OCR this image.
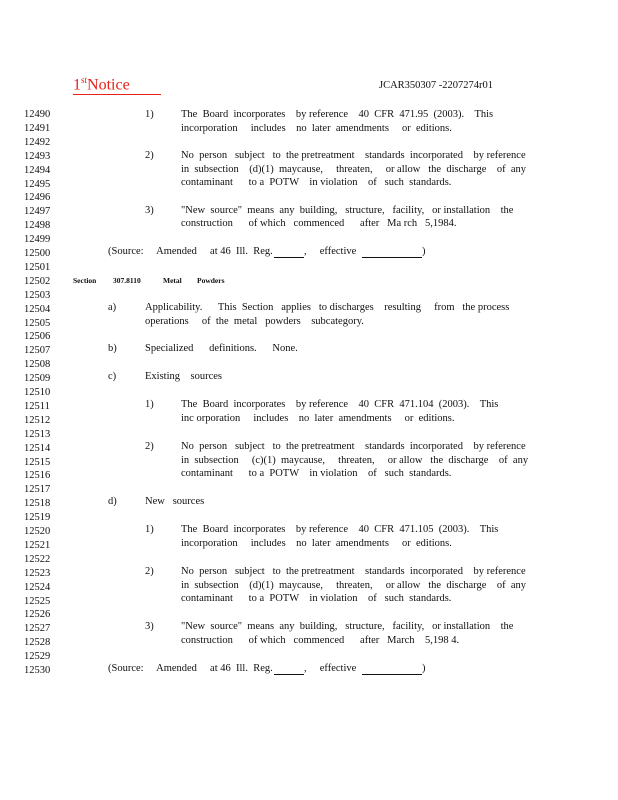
1stNotice	JCAR350307 -2207274r01
12490
12491
12492
12493
12494
12495
12496
12497
12498
12499
12500
12501
12502
12503
12504
12505
12506
12507
12508
12509
12510
12511
12512
12513
12514
12515
12516
12517
12518
12519
12520
12521
12522
12523
12524
12525
12526
12527
12528
12529
12530
1)	The  Board  incorporates    by reference    40  CFR  471.95  (2003).    This
incorporation     includes    no  later  amendments     or  editions.
2)	No  person   subject   to  the pretreatment    standards  incorporated    by reference
in  subsection    (d)(1)  maycause,     threaten,     or allow   the  discharge    of  any
contaminant      to a  POTW    in violation    of   such  standards.
3)	"New  source"  means  any  building,   structure,   facility,   or installation    the
construction      of which   commenced      after   Ma rch   5,1984.
(Source:     Amended     at 46  Ill.  Reg.	,     effective	)
Section 307.8110	Metal Powders
a)	Applicability.      This  Section   applies   to discharges    resulting     from   the process
operations     of  the  metal   powders    subcategory.
b)	Specialized      definitions.      None.
c)	Existing    sources
1)	The  Board  incorporates    by reference    40  CFR  471.104  (2003).    This
inc orporation     includes    no  later  amendments     or  editions.
2)	No  person   subject   to  the pretreatment    standards  incorporated    by reference
in  subsection     (c)(1)  maycause,     threaten,     or allow   the  discharge    of  any
contaminant      to a  POTW    in violation    of   such  standards.
d)	New   sources
1)	The  Board  incorporates    by reference    40  CFR  471.105  (2003).    This
incorporation     includes    no  later  amendments     or  editions.
2)	No  person   subject   to  the pretreatment    standards  incorporated    by reference
in  subsection    (d)(1)  maycause,     threaten,     or allow   the  discharge    of  any
contaminant      to a  POTW    in violation    of   such  standards.
3)	"New  source"  means  any  building,   structure,   facility,   or installation    the
construction      of which   commenced      after   March    5,198 4.
(Source:     Amended     at 46  Ill.  Reg.	,     effective	)
